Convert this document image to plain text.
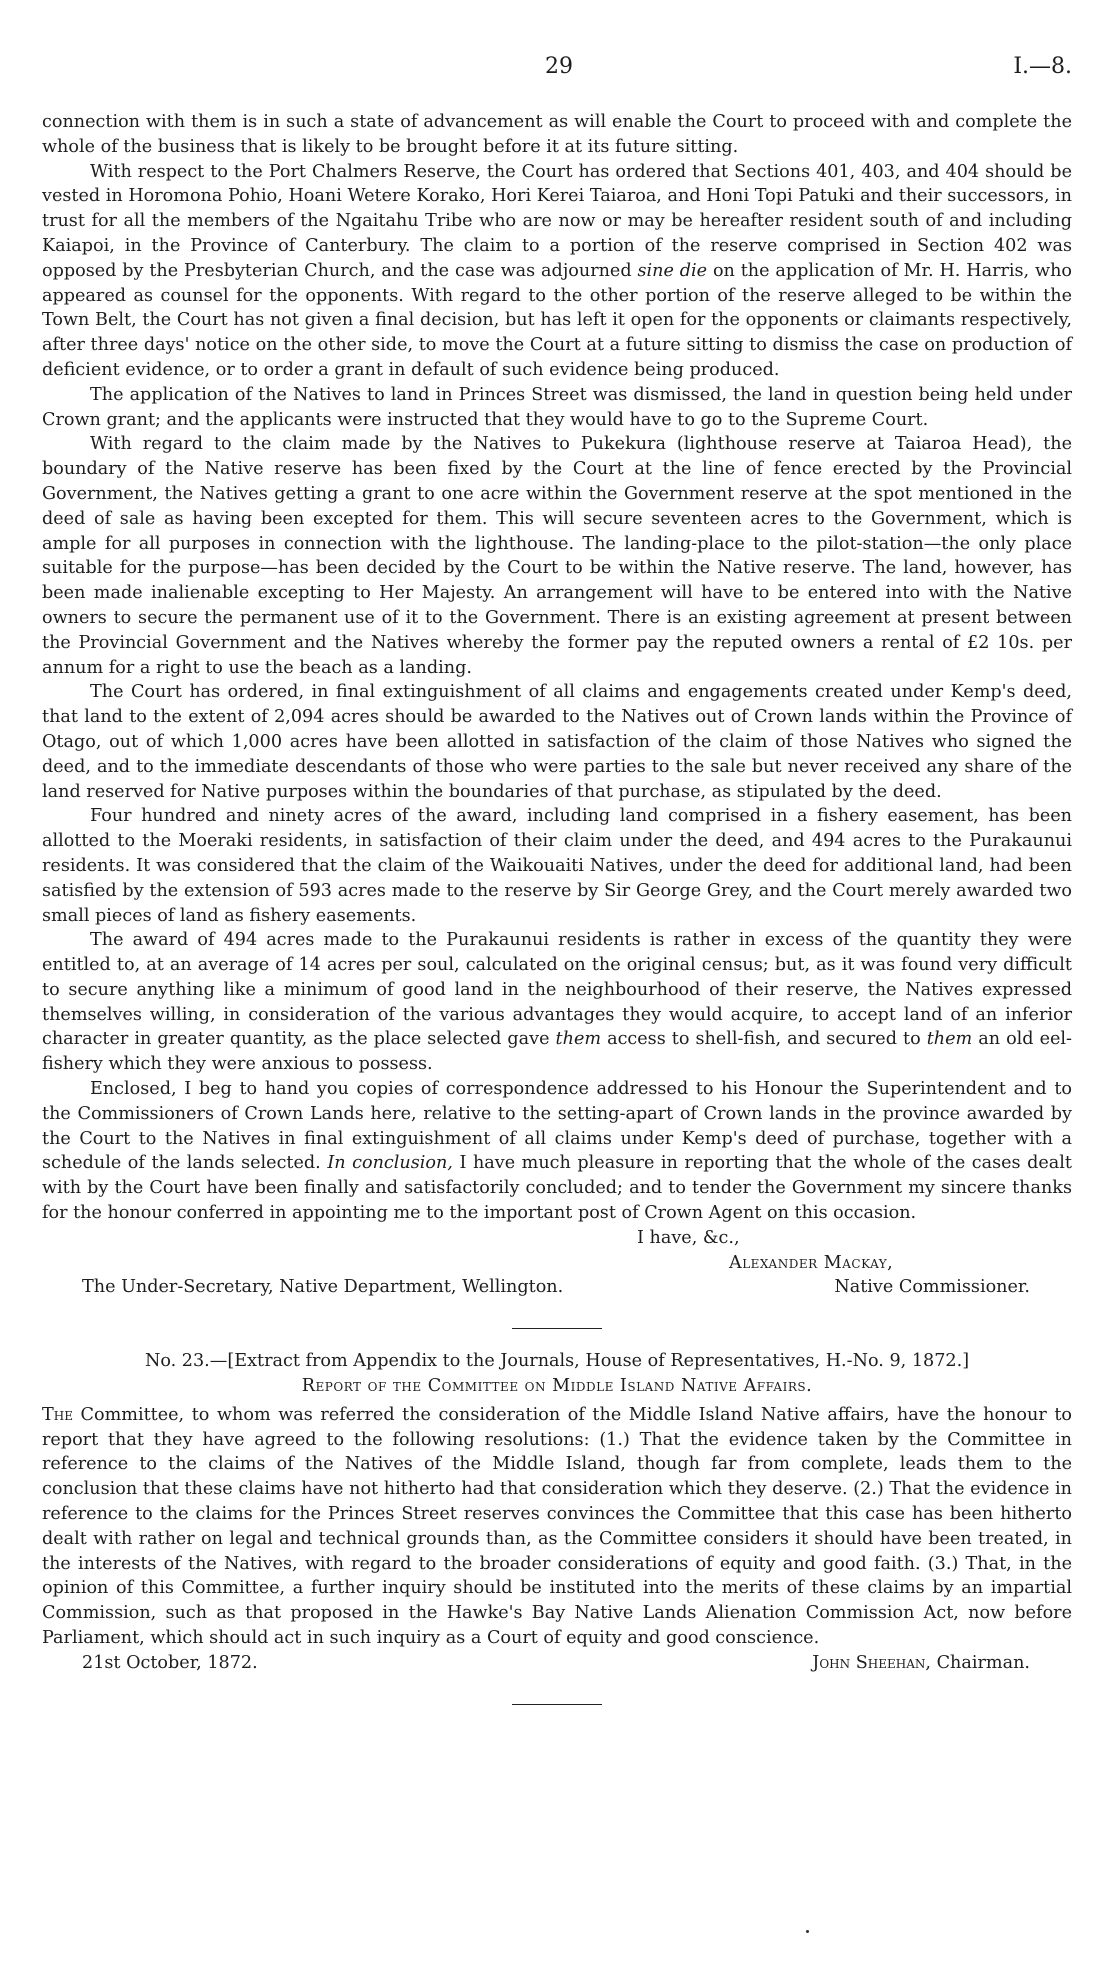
29	I.—8.

connection with them is in such a state of advancement as will enable the Court to proceed with and complete the whole of the business that is likely to be brought before it at its future sitting.

With respect to the Port Chalmers Reserve, the Court has ordered that Sections 401, 403, and 404 should be vested in Horomona Pohio, Hoani Wetere Korako, Hori Kerei Taiaroa, and Honi Topi Patuki and their successors, in trust for all the members of the Ngaitahu Tribe who are now or may be hereafter resident south of and including Kaiapoi, in the Province of Canterbury. The claim to a portion of the reserve comprised in Section 402 was opposed by the Presbyterian Church, and the case was adjourned sine die on the application of Mr. H. Harris, who appeared as counsel for the opponents. With regard to the other portion of the reserve alleged to be within the Town Belt, the Court has not given a final decision, but has left it open for the opponents or claimants respectively, after three days' notice on the other side, to move the Court at a future sitting to dismiss the case on production of deficient evidence, or to order a grant in default of such evidence being produced.

The application of the Natives to land in Princes Street was dismissed, the land in question being held under Crown grant; and the applicants were instructed that they would have to go to the Supreme Court.

With regard to the claim made by the Natives to Pukekura (lighthouse reserve at Taiaroa Head), the boundary of the Native reserve has been fixed by the Court at the line of fence erected by the Provincial Government, the Natives getting a grant to one acre within the Government reserve at the spot mentioned in the deed of sale as having been excepted for them. This will secure seventeen acres to the Government, which is ample for all purposes in connection with the lighthouse. The landing-place to the pilot-station—the only place suitable for the purpose—has been decided by the Court to be within the Native reserve. The land, however, has been made inalienable excepting to Her Majesty. An arrangement will have to be entered into with the Native owners to secure the permanent use of it to the Government. There is an existing agreement at present between the Provincial Government and the Natives whereby the former pay the reputed owners a rental of £2 10s. per annum for a right to use the beach as a landing.

The Court has ordered, in final extinguishment of all claims and engagements created under Kemp's deed, that land to the extent of 2,094 acres should be awarded to the Natives out of Crown lands within the Province of Otago, out of which 1,000 acres have been allotted in satisfaction of the claim of those Natives who signed the deed, and to the immediate descendants of those who were parties to the sale but never received any share of the land reserved for Native purposes within the boundaries of that purchase, as stipulated by the deed.

Four hundred and ninety acres of the award, including land comprised in a fishery easement, has been allotted to the Moeraki residents, in satisfaction of their claim under the deed, and 494 acres to the Purakaunui residents. It was considered that the claim of the Waikouaiti Natives, under the deed for additional land, had been satisfied by the extension of 593 acres made to the reserve by Sir George Grey, and the Court merely awarded two small pieces of land as fishery easements.

The award of 494 acres made to the Purakaunui residents is rather in excess of the quantity they were entitled to, at an average of 14 acres per soul, calculated on the original census; but, as it was found very difficult to secure anything like a minimum of good land in the neighbourhood of their reserve, the Natives expressed themselves willing, in consideration of the various advantages they would acquire, to accept land of an inferior character in greater quantity, as the place selected gave them access to shell-fish, and secured to them an old eel-fishery which they were anxious to possess.

Enclosed, I beg to hand you copies of correspondence addressed to his Honour the Superintendent and to the Commissioners of Crown Lands here, relative to the setting-apart of Crown lands in the province awarded by the Court to the Natives in final extinguishment of all claims under Kemp's deed of purchase, together with a schedule of the lands selected. In conclusion, I have much pleasure in reporting that the whole of the cases dealt with by the Court have been finally and satisfactorily concluded; and to tender the Government my sincere thanks for the honour conferred in appointing me to the important post of Crown Agent on this occasion.

I have, &c.,
Alexander Mackay,
The Under-Secretary, Native Department, Wellington.	Native Commissioner.

No. 23.—[Extract from Appendix to the Journals, House of Representatives, H.-No. 9, 1872.]

Report of the Committee on Middle Island Native Affairs.

The Committee, to whom was referred the consideration of the Middle Island Native affairs, have the honour to report that they have agreed to the following resolutions: (1.) That the evidence taken by the Committee in reference to the claims of the Natives of the Middle Island, though far from complete, leads them to the conclusion that these claims have not hitherto had that consideration which they deserve. (2.) That the evidence in reference to the claims for the Princes Street reserves convinces the Committee that this case has been hitherto dealt with rather on legal and technical grounds than, as the Committee considers it should have been treated, in the interests of the Natives, with regard to the broader considerations of equity and good faith. (3.) That, in the opinion of this Committee, a further inquiry should be instituted into the merits of these claims by an impartial Commission, such as that proposed in the Hawke's Bay Native Lands Alienation Commission Act, now before Parliament, which should act in such inquiry as a Court of equity and good conscience.

21st October, 1872.	John Sheehan, Chairman.
